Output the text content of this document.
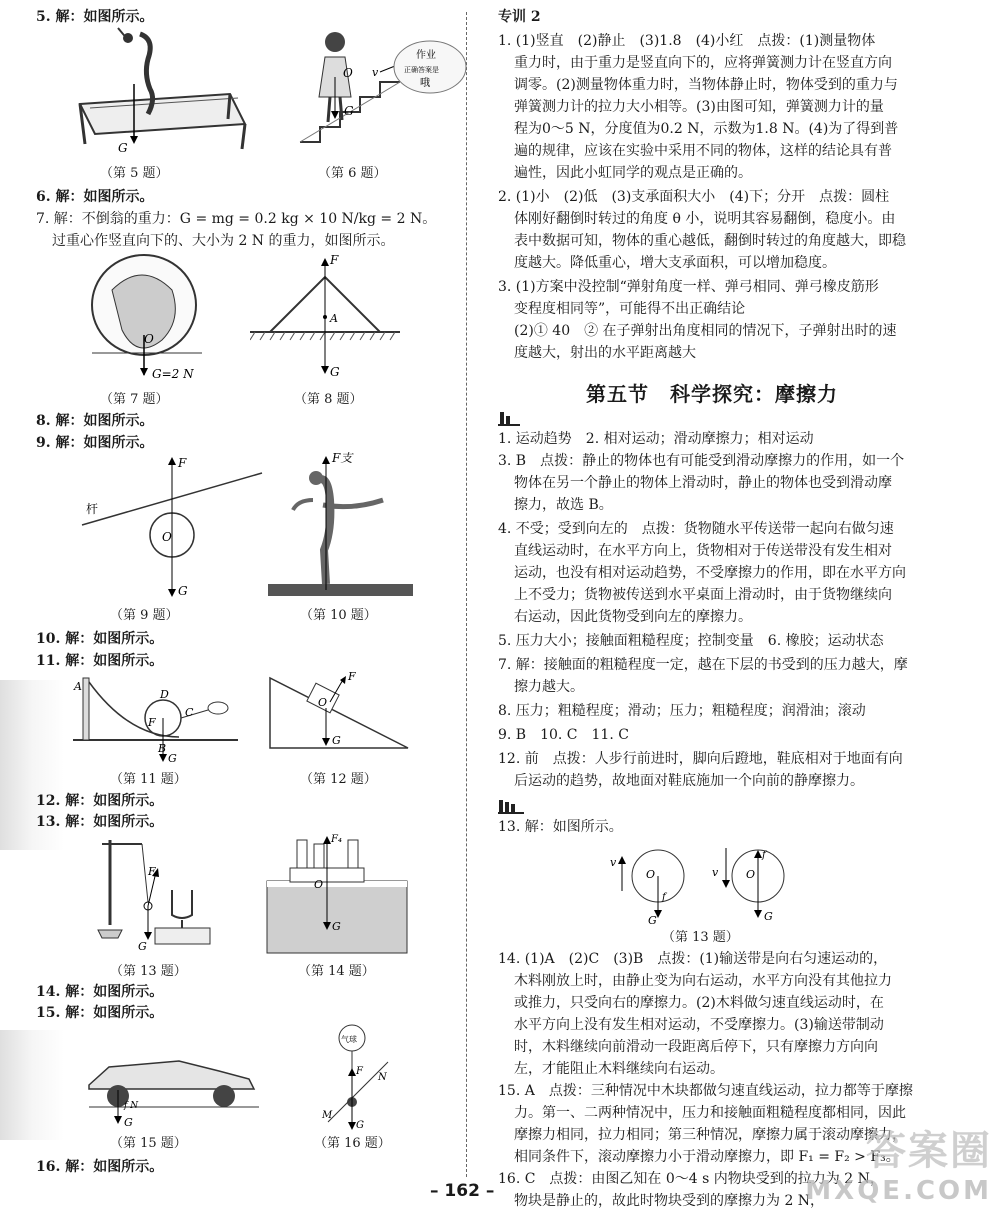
5. 解：如图所示。
G
（第 5 题）
O
G
v
作业
正确答案是
哦
（第 6 题）
6. 解：如图所示。
7. 解：不倒翁的重力：G = mg = 0.2 kg × 10 N/kg = 2 N。
过重心作竖直向下的、大小为 2 N 的重力，如图所示。
O
G=2 N
（第 7 题）
F
A
G
（第 8 题）
8. 解：如图所示。
9. 解：如图所示。
杆
F
O
G
（第 9 题）
F支
（第 10 题）
10. 解：如图所示。
11. 解：如图所示。
A
D
C
B
F
G
（第 11 题）
F
O
G
（第 12 题）
12. 解：如图所示。
13. 解：如图所示。
F
G
（第 13 题）
F₄
O
G
（第 14 题）
14. 解：如图所示。
15. 解：如图所示。
G
f N
（第 15 题）
气球
F
N
M
G
（第 16 题）
16. 解：如图所示。
专训 2
1. (1)竖直　(2)静止　(3)1.8　(4)小红　点拨：(1)测量物体
重力时，由于重力是竖直向下的，应将弹簧测力计在竖直方向
调零。(2)测量物体重力时，当物体静止时，物体受到的重力与
弹簧测力计的拉力大小相等。(3)由图可知，弹簧测力计的量
程为0～5 N，分度值为0.2 N，示数为1.8 N。(4)为了得到普
遍的规律，应该在实验中采用不同的物体，这样的结论具有普
遍性，因此小虹同学的观点是正确的。
2. (1)小　(2)低　(3)支承面积大小　(4)下；分开　点拨：圆柱
体刚好翻倒时转过的角度 θ 小，说明其容易翻倒，稳度小。由
表中数据可知，物体的重心越低，翻倒时转过的角度越大，即稳
度越大。降低重心，增大支承面积，可以增加稳度。
3. (1)方案中没控制“弹射角度一样、弹弓相同、弹弓橡皮筋形
变程度相同等”，可能得不出正确结论
(2)① 40　② 在子弹射出角度相同的情况下，子弹射出时的速
度越大，射出的水平距离越大
第五节　科学探究：摩擦力
1. 运动趋势　2. 相对运动；滑动摩擦力；相对运动
3. B　点拨：静止的物体也有可能受到滑动摩擦力的作用，如一个
物体在另一个静止的物体上滑动时，静止的物体也受到滑动摩
擦力，故选 B。
4. 不受；受到向左的　点拨：货物随水平传送带一起向右做匀速
直线运动时，在水平方向上，货物相对于传送带没有发生相对
运动，也没有相对运动趋势，不受摩擦力的作用，即在水平方向
上不受力；货物被传送到水平桌面上滑动时，由于货物继续向
右运动，因此货物受到向左的摩擦力。
5. 压力大小；接触面粗糙程度；控制变量　6. 橡胶；运动状态
7. 解：接触面的粗糙程度一定，越在下层的书受到的压力越大，摩
擦力越大。
8. 压力；粗糙程度；滑动；压力；粗糙程度；润滑油；滚动
9. B　10. C　11. C
12. 前　点拨：人步行前进时，脚向后蹬地，鞋底相对于地面有向
后运动的趋势，故地面对鞋底施加一个向前的静摩擦力。
13. 解：如图所示。
v
O
G
f
v
f
O
G
（第 13 题）
14. (1)A　(2)C　(3)B　点拨：(1)输送带是向右匀速运动的，
木料刚放上时，由静止变为向右运动，水平方向没有其他拉力
或推力，只受向右的摩擦力。(2)木料做匀速直线运动时，在
水平方向上没有发生相对运动，不受摩擦力。(3)输送带制动
时，木料继续向前滑动一段距离后停下，只有摩擦力方向向
左，才能阻止木料继续向右运动。
15. A　点拨：三种情况中木块都做匀速直线运动，拉力都等于摩擦
力。第一、二两种情况中，压力和接触面粗糙程度都相同，因此
摩擦力相同，拉力相同；第三种情况，摩擦力属于滚动摩擦力，
相同条件下，滚动摩擦力小于滑动摩擦力，即 F₁ = F₂ > F₃。
16. C　点拨：由图乙知在 0～4 s 内物块受到的拉力为 2 N，
物块是静止的，故此时物块受到的摩擦力为 2 N，
– 162 –
答案圈
MXQE.COM
